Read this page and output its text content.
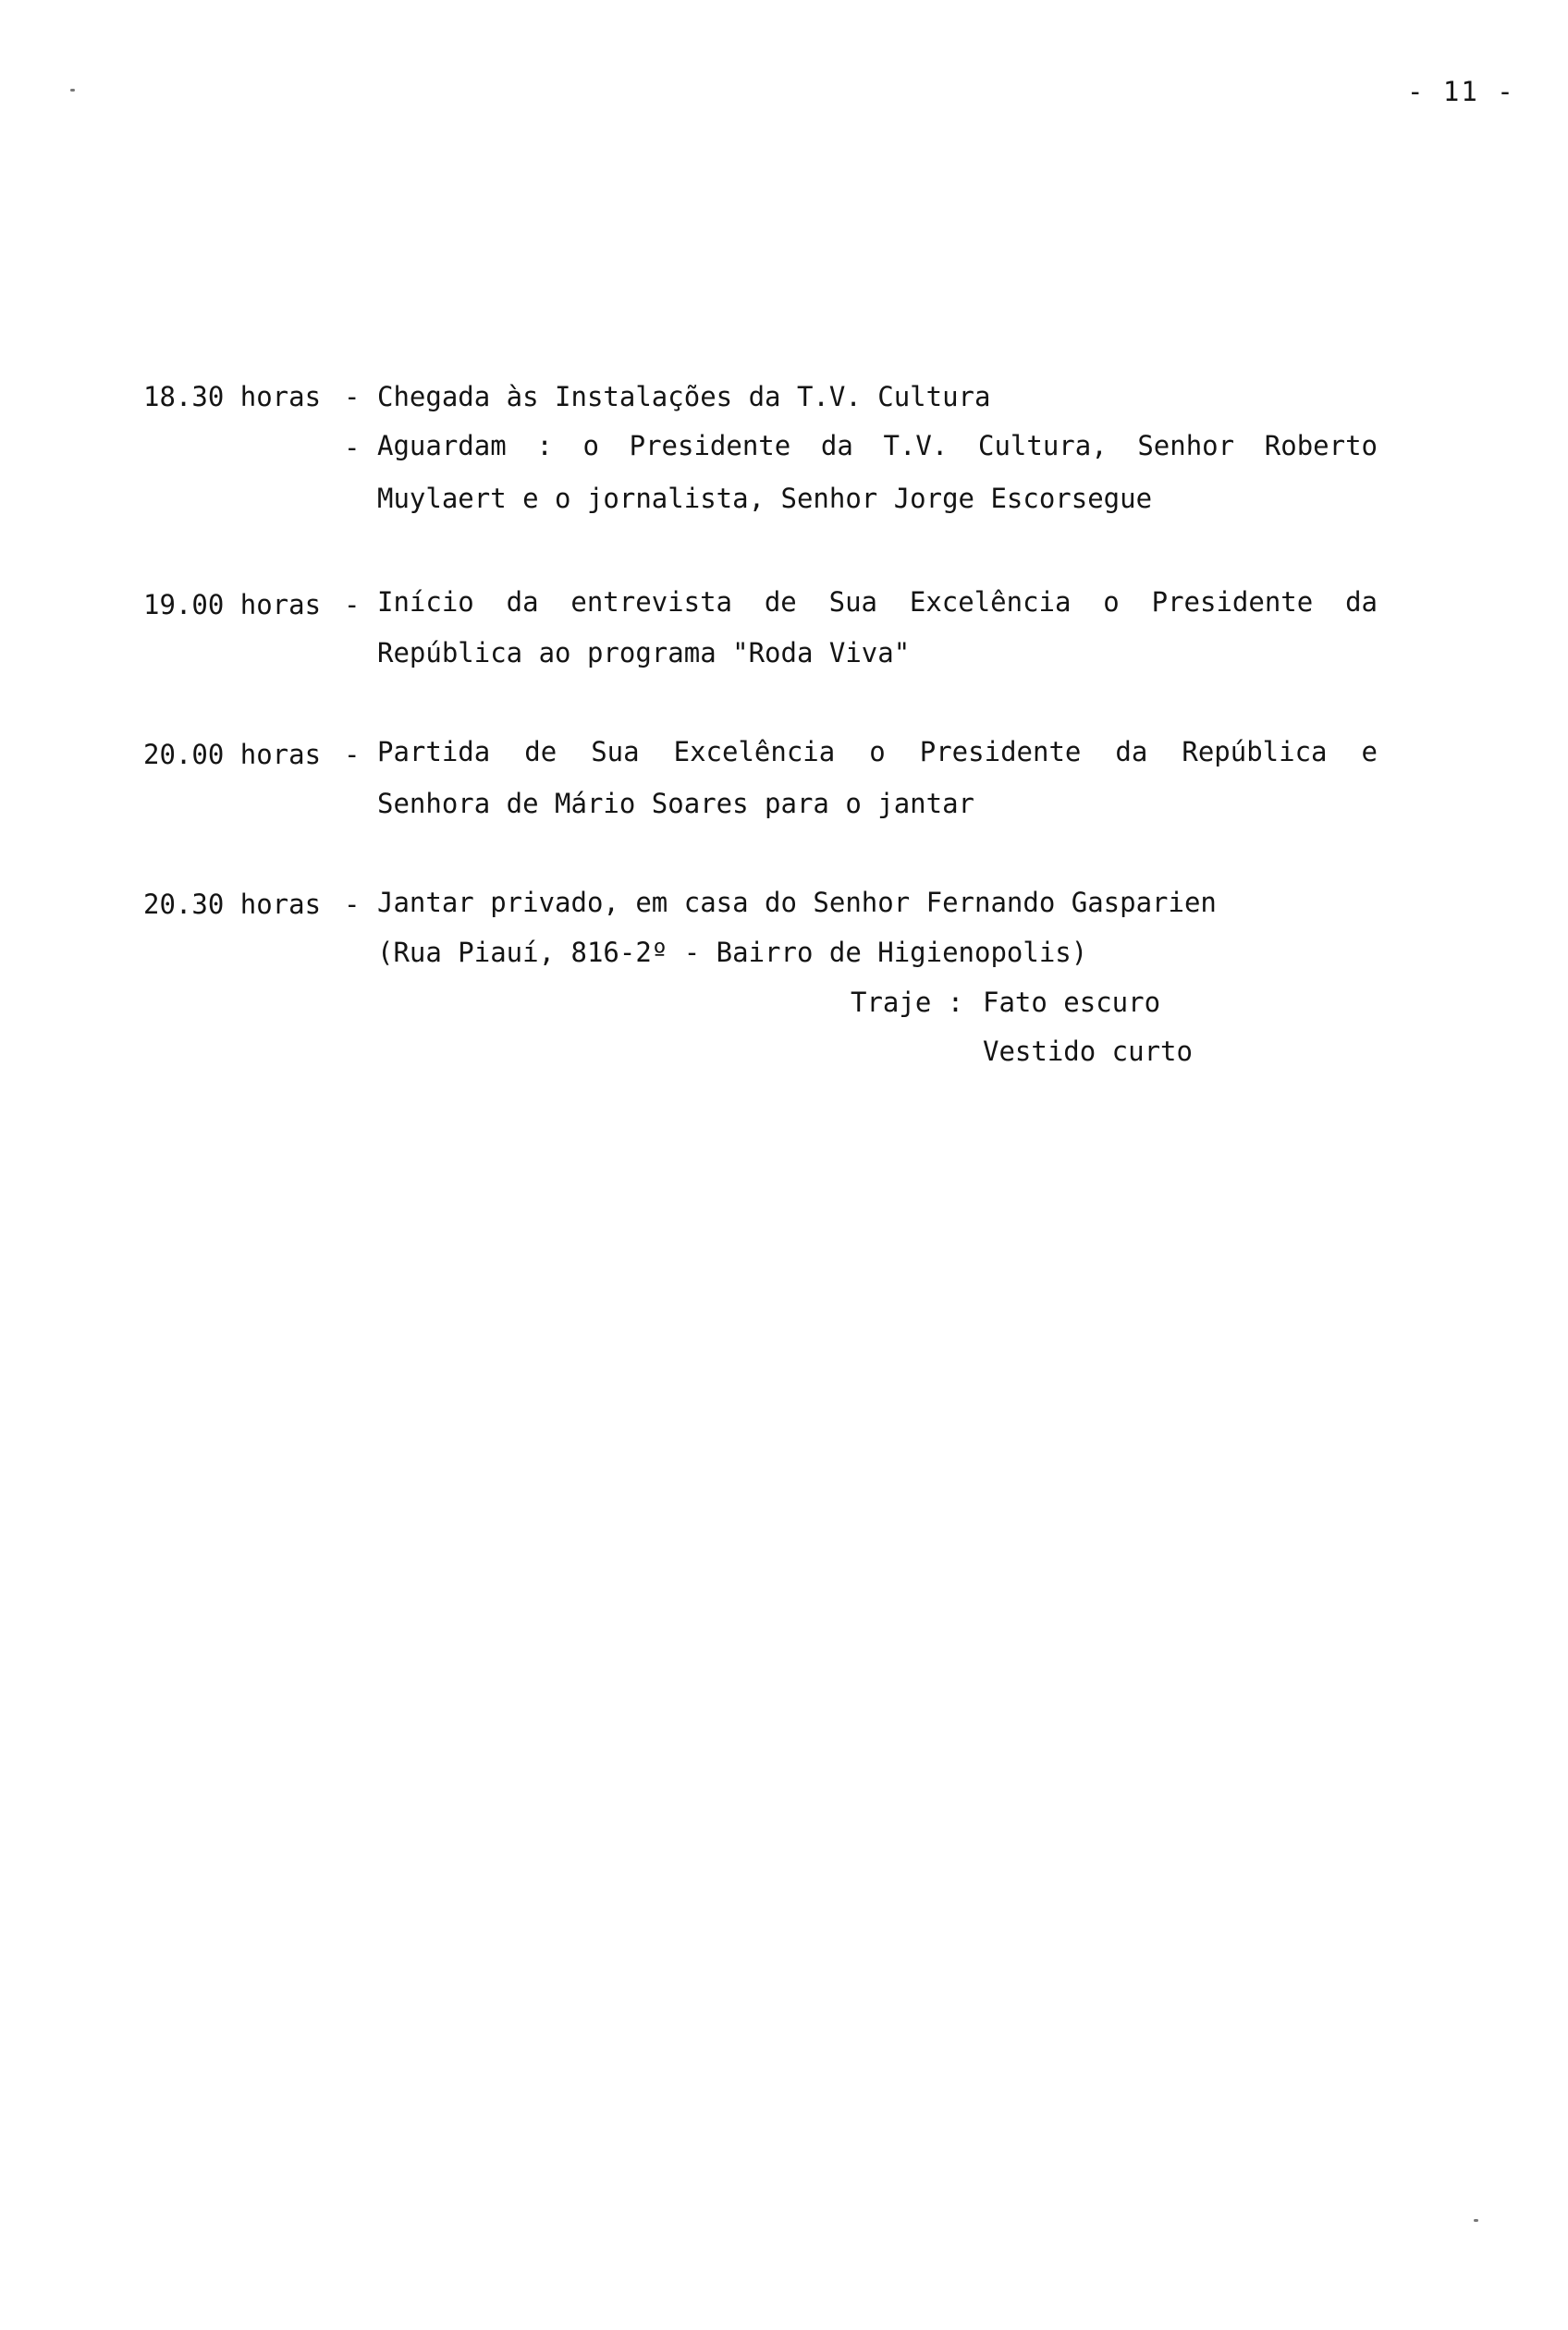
- 11 -
18.30 horas - Chegada às Instalações da T.V. Cultura
- Aguardam : o Presidente da T.V. Cultura, Senhor Roberto
Muylaert e o jornalista, Senhor Jorge Escorsegue
19.00 horas - Início da entrevista de Sua Excelência o Presidente da
República ao programa "Roda Viva"
20.00 horas - Partida de Sua Excelência o Presidente da República e
Senhora de Mário Soares para o jantar
20.30 horas - Jantar privado, em casa do Senhor Fernando Gasparien
(Rua Piauí, 816-2º - Bairro de Higienopolis)
Traje : Fato escuro
Vestido curto
